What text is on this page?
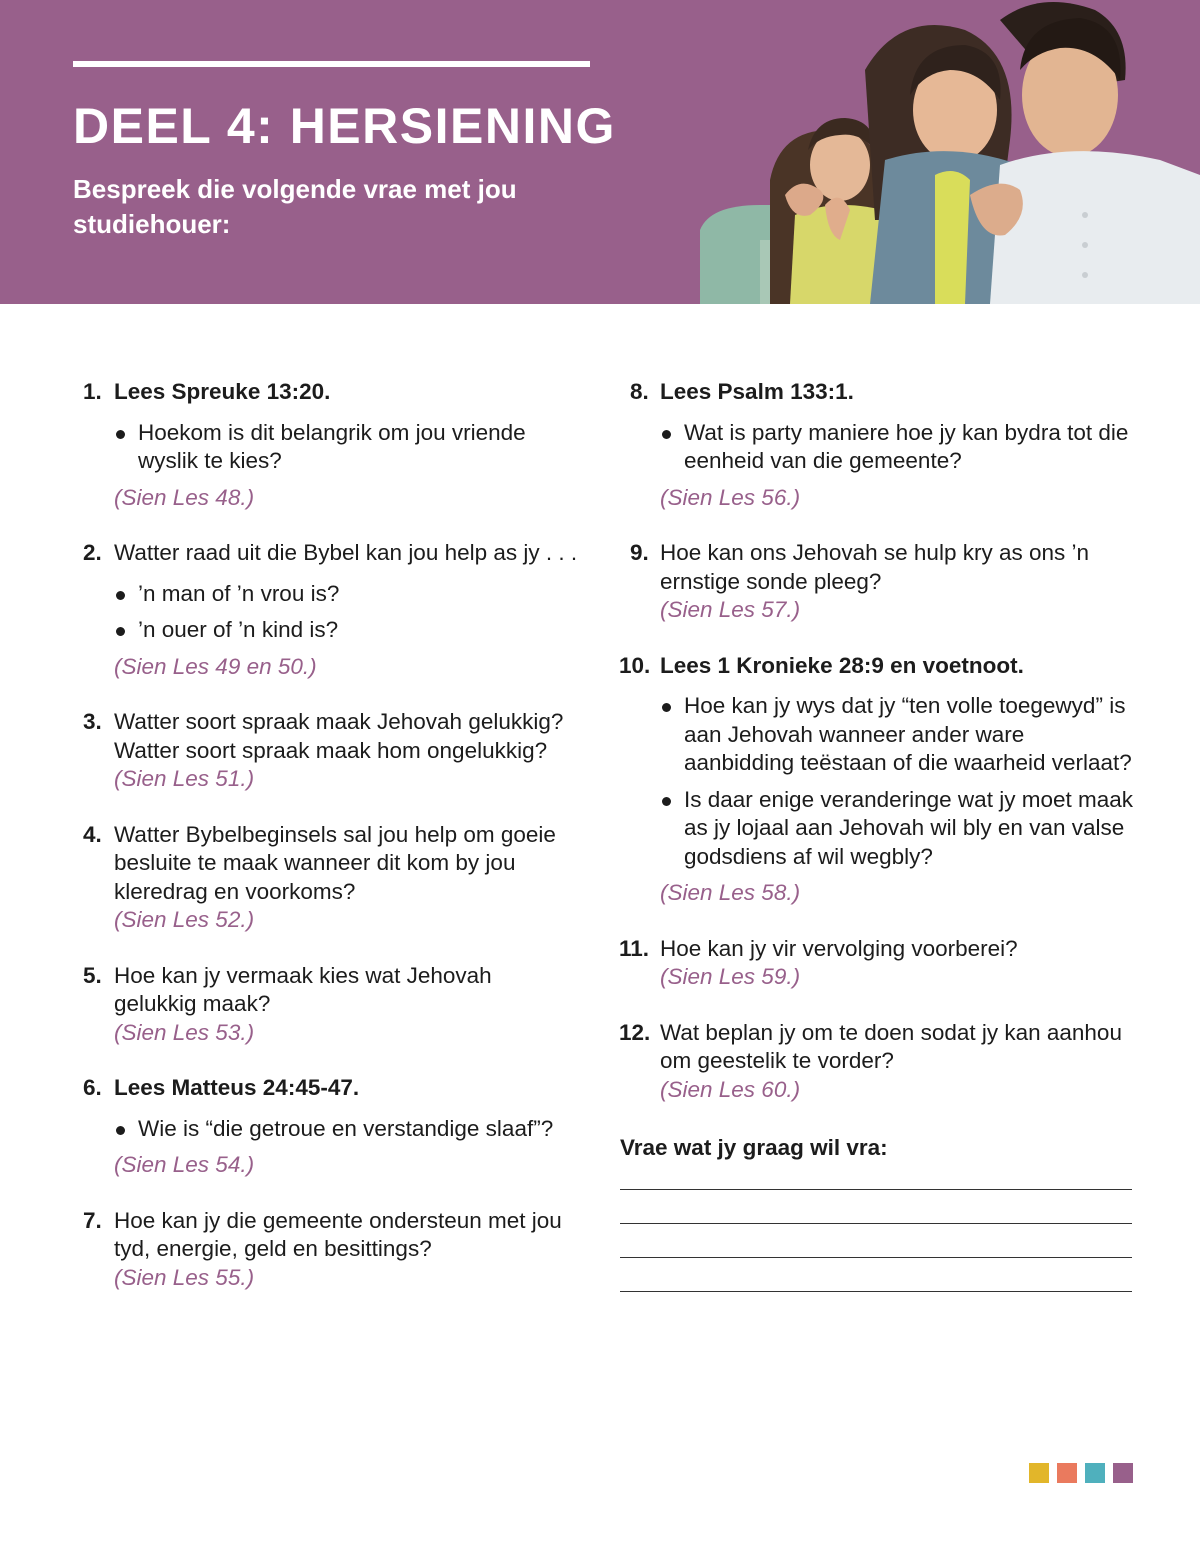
DEEL 4: HERSIENING

Bespreek die volgende vrae met jou studiehouer:

1. Lees Spreuke 13:20.
Hoekom is dit belangrik om jou vriende wyslik te kies?
(Sien Les 48.)
2. Watter raad uit die Bybel kan jou help as jy . . .
’n man of ’n vrou is?
’n ouer of ’n kind is?
(Sien Les 49 en 50.)
3. Watter soort spraak maak Jehovah gelukkig? Watter soort spraak maak hom ongelukkig?
(Sien Les 51.)
4. Watter Bybelbeginsels sal jou help om goeie besluite te maak wanneer dit kom by jou kleredrag en voorkoms?
(Sien Les 52.)
5. Hoe kan jy vermaak kies wat Jehovah gelukkig maak?
(Sien Les 53.)
6. Lees Matteus 24:45-47.
Wie is “die getroue en verstandige slaaf”?
(Sien Les 54.)
7. Hoe kan jy die gemeente ondersteun met jou tyd, energie, geld en besittings?
(Sien Les 55.)
8. Lees Psalm 133:1.
Wat is party maniere hoe jy kan bydra tot die eenheid van die gemeente?
(Sien Les 56.)
9. Hoe kan ons Jehovah se hulp kry as ons ’n ernstige sonde pleeg?
(Sien Les 57.)
10. Lees 1 Kronieke 28:9 en voetnoot.
Hoe kan jy wys dat jy “ten volle toegewyd” is aan Jehovah wanneer ander ware aanbidding teëstaan of die waarheid verlaat?
Is daar enige veranderinge wat jy moet maak as jy lojaal aan Jehovah wil bly en van valse godsdiens af wil wegbly?
(Sien Les 58.)
11. Hoe kan jy vir vervolging voorberei?
(Sien Les 59.)
12. Wat beplan jy om te doen sodat jy kan aanhou om geestelik te vorder?
(Sien Les 60.)
Vrae wat jy graag wil vra:
